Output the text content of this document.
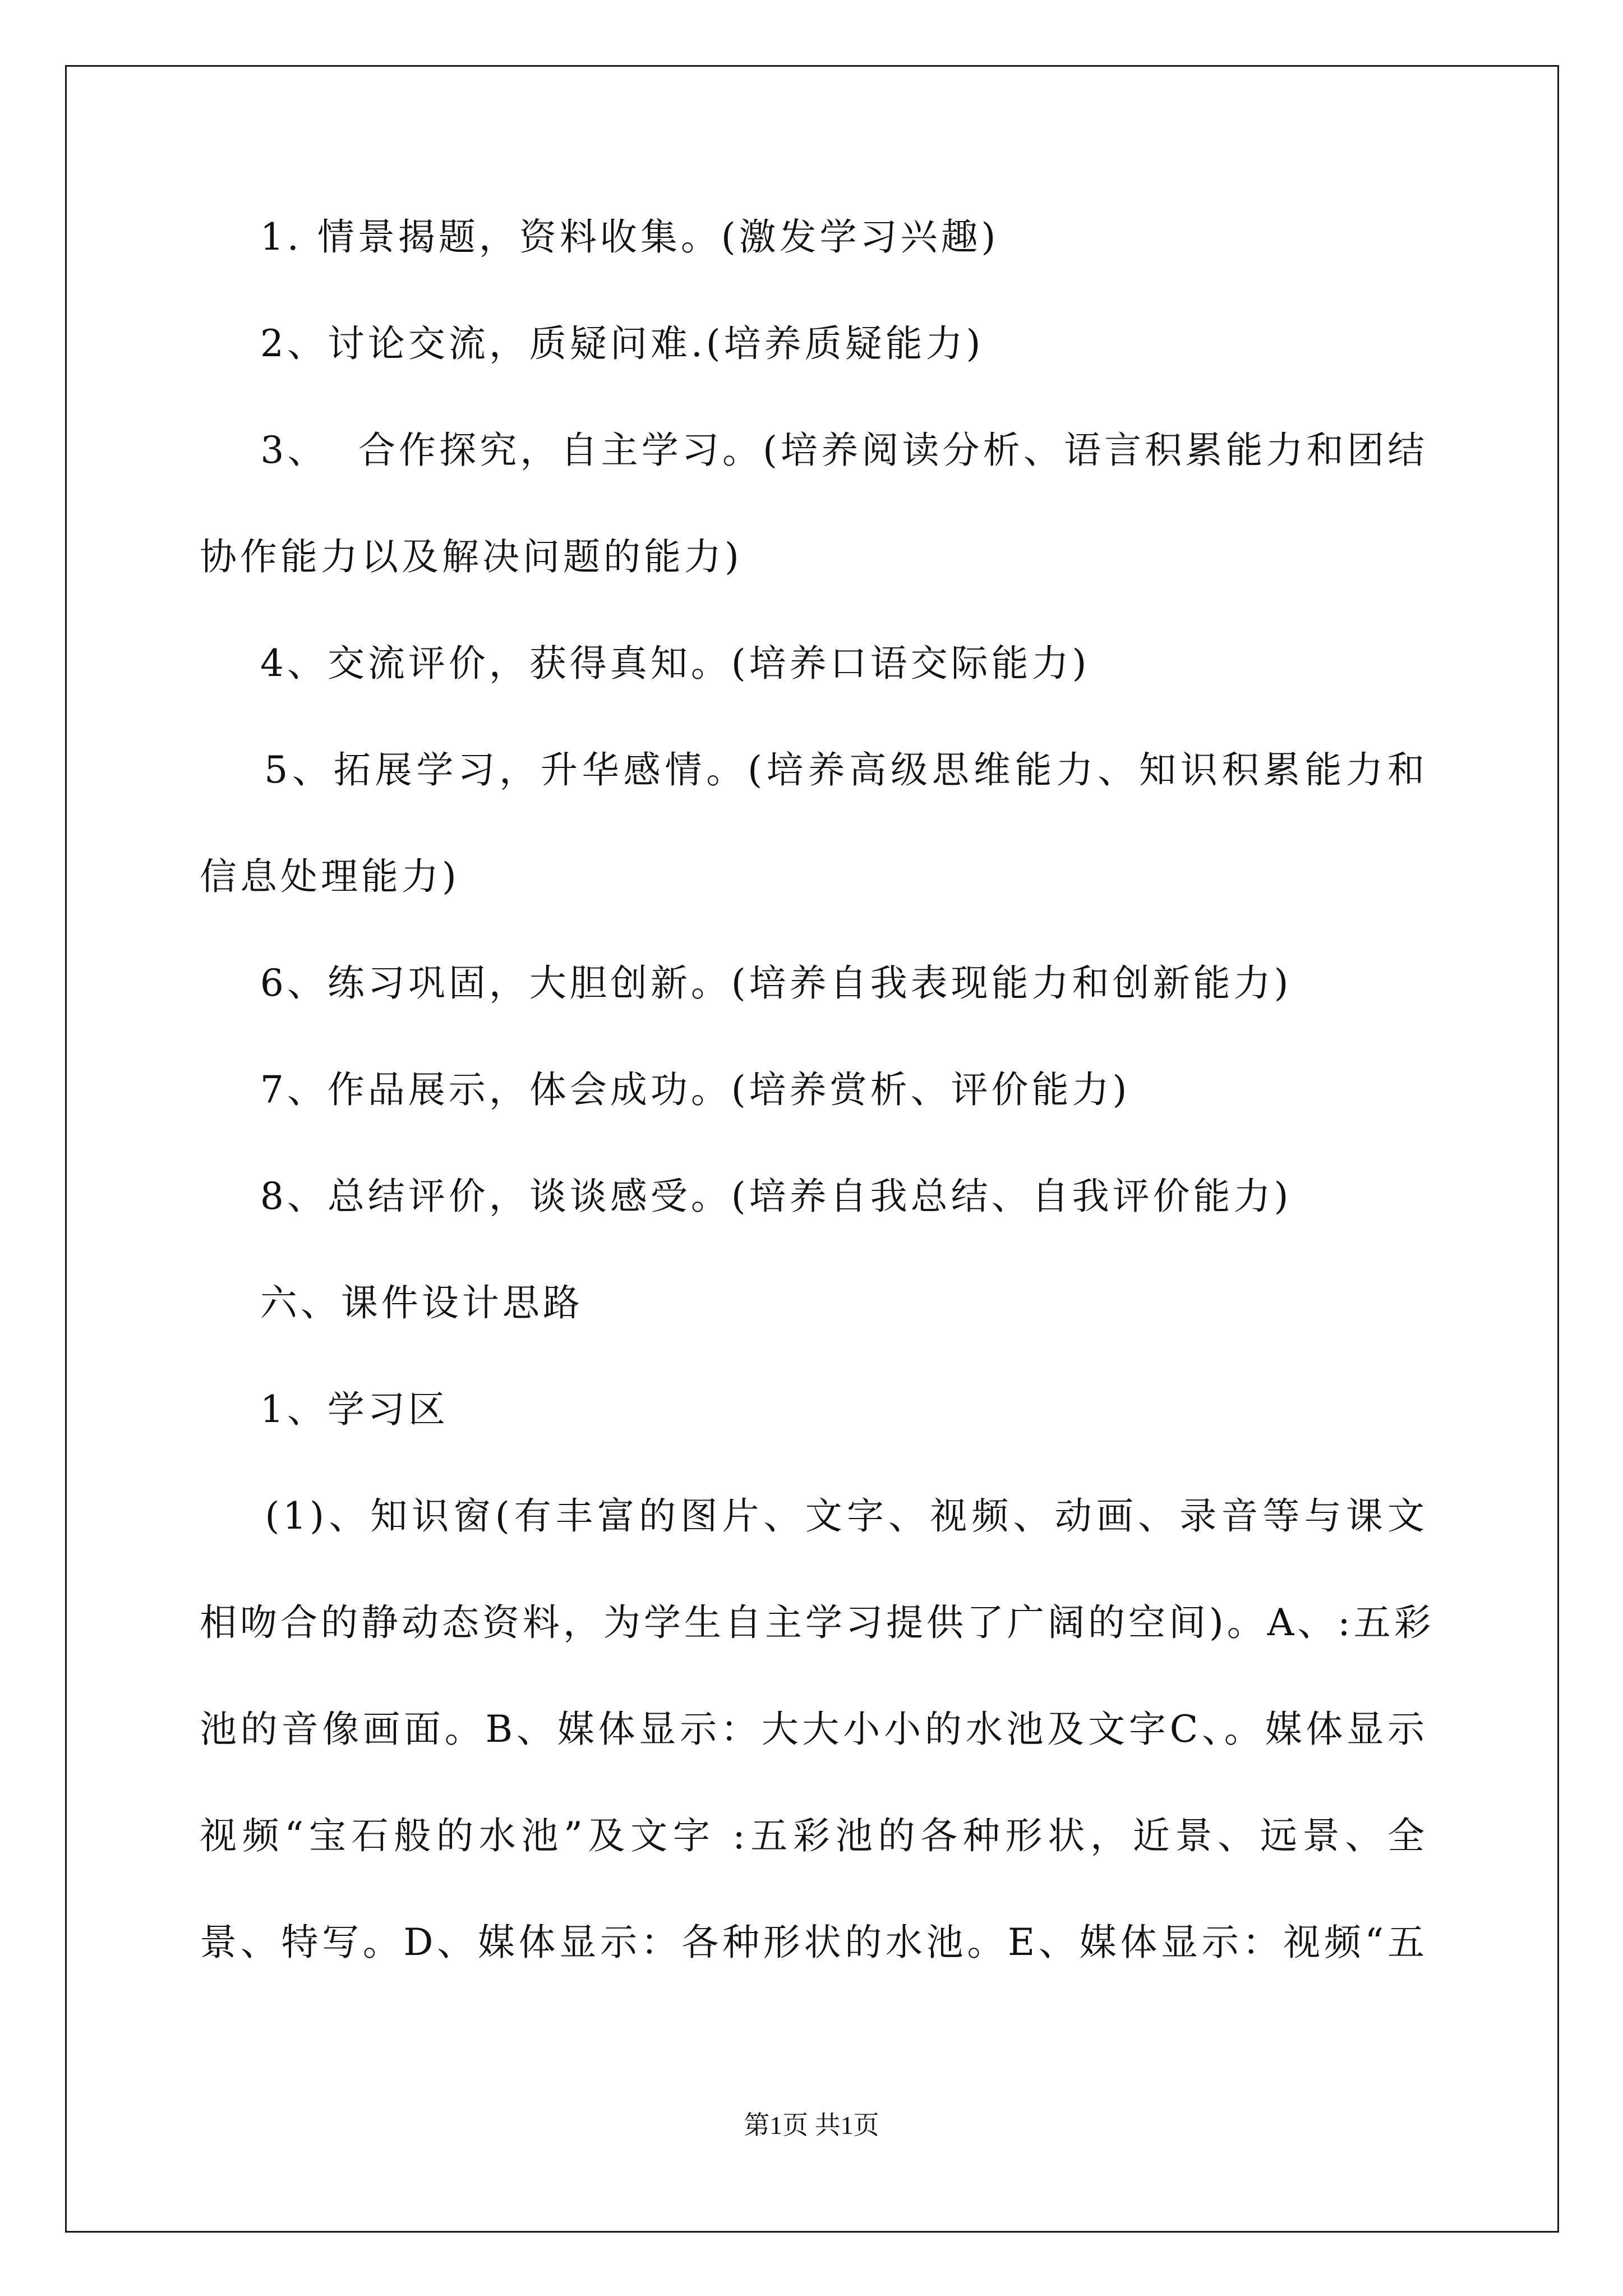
1. 情景揭题，资料收集。(激发学习兴趣)
2、讨论交流，质疑问难.(培养质疑能力)
3、  合作探究，自主学习。(培养阅读分析、语言积累能力和团结
协作能力以及解决问题的能力)
4、交流评价，获得真知。(培养口语交际能力)
5、拓展学习，升华感情。(培养高级思维能力、知识积累能力和
信息处理能力)
6、练习巩固，大胆创新。(培养自我表现能力和创新能力)
7、作品展示，体会成功。(培养赏析、评价能力)
8、总结评价，谈谈感受。(培养自我总结、自我评价能力)
六、课件设计思路
1、学习区
(1)、知识窗(有丰富的图片、文字、视频、动画、录音等与课文
相吻合的静动态资料，为学生自主学习提供了广阔的空间)。A、:五彩
池的音像画面。B、媒体显示：大大小小的水池及文字C、。媒体显示
视频“宝石般的水池”及文字 :五彩池的各种形状，近景、远景、全
景、特写。D、媒体显示：各种形状的水池。E、媒体显示：视频“五
第1页 共1页
